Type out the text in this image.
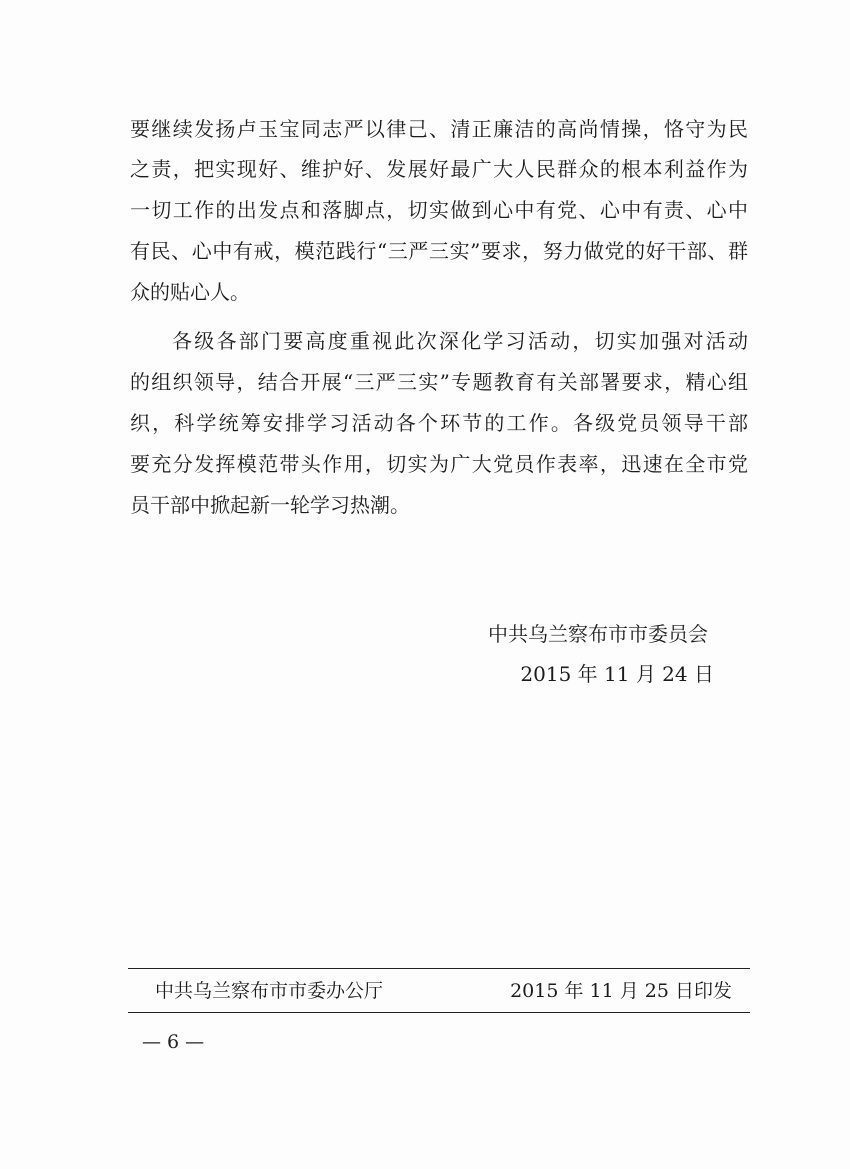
要继续发扬卢玉宝同志严以律己、清正廉洁的高尚情操，恪守为民
之责，把实现好、维护好、发展好最广大人民群众的根本利益作为
一切工作的出发点和落脚点，切实做到心中有党、心中有责、心中
有民、心中有戒，模范践行“三严三实”要求，努力做党的好干部、群
众的贴心人。
各级各部门要高度重视此次深化学习活动，切实加强对活动
的组织领导，结合开展“三严三实”专题教育有关部署要求，精心组
织，科学统筹安排学习活动各个环节的工作。各级党员领导干部
要充分发挥模范带头作用，切实为广大党员作表率，迅速在全市党
员干部中掀起新一轮学习热潮。
中共乌兰察布市市委员会
2015 年 11 月 24 日
中共乌兰察布市市委办公厅	2015 年 11 月 25 日印发
— 6 —
